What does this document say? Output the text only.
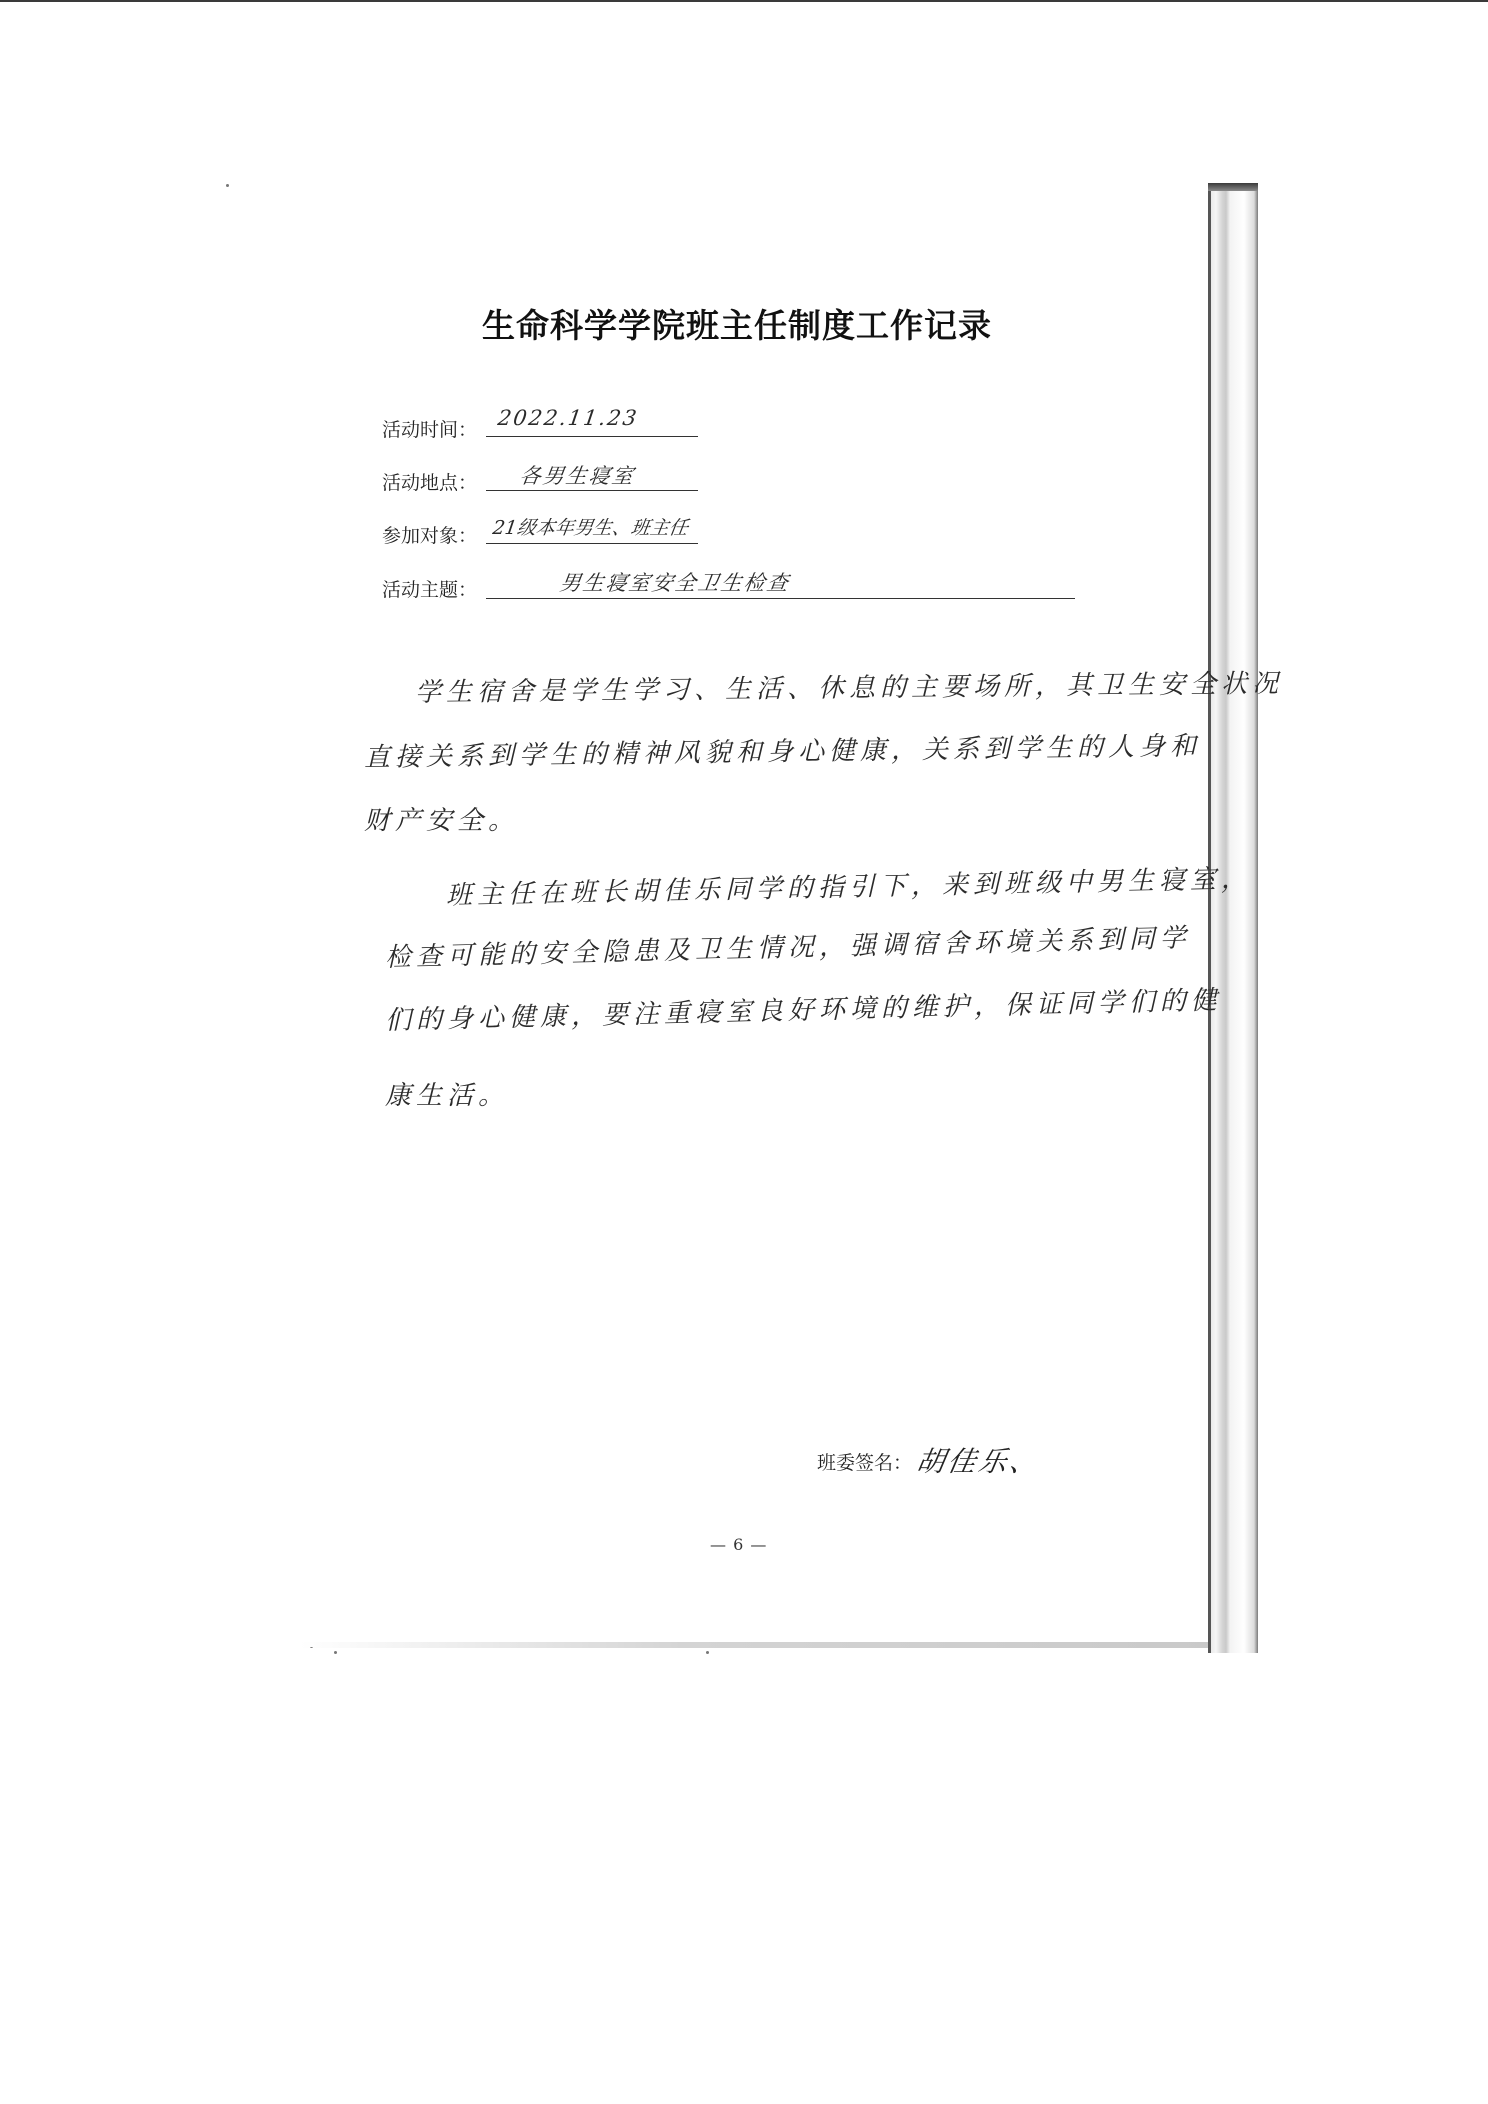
生命科学学院班主任制度工作记录
活动时间： 2022.11.23
活动地点： 各男生寝室
参加对象： 21级本年男生、班主任
活动主题：	男生寝室安全卫生检查
学生宿舍是学生学习、生活、休息的主要场所，其卫生安全状况
直接关系到学生的精神风貌和身心健康，关系到学生的人身和
财产安全。
班主任在班长胡佳乐同学的指引下，来到班级中男生寝室，
检查可能的安全隐患及卫生情况，强调宿舍环境关系到同学
们的身心健康，要注重寝室良好环境的维护，保证同学们的健
康生活。
班委签名： 胡佳乐、
— 6 —
